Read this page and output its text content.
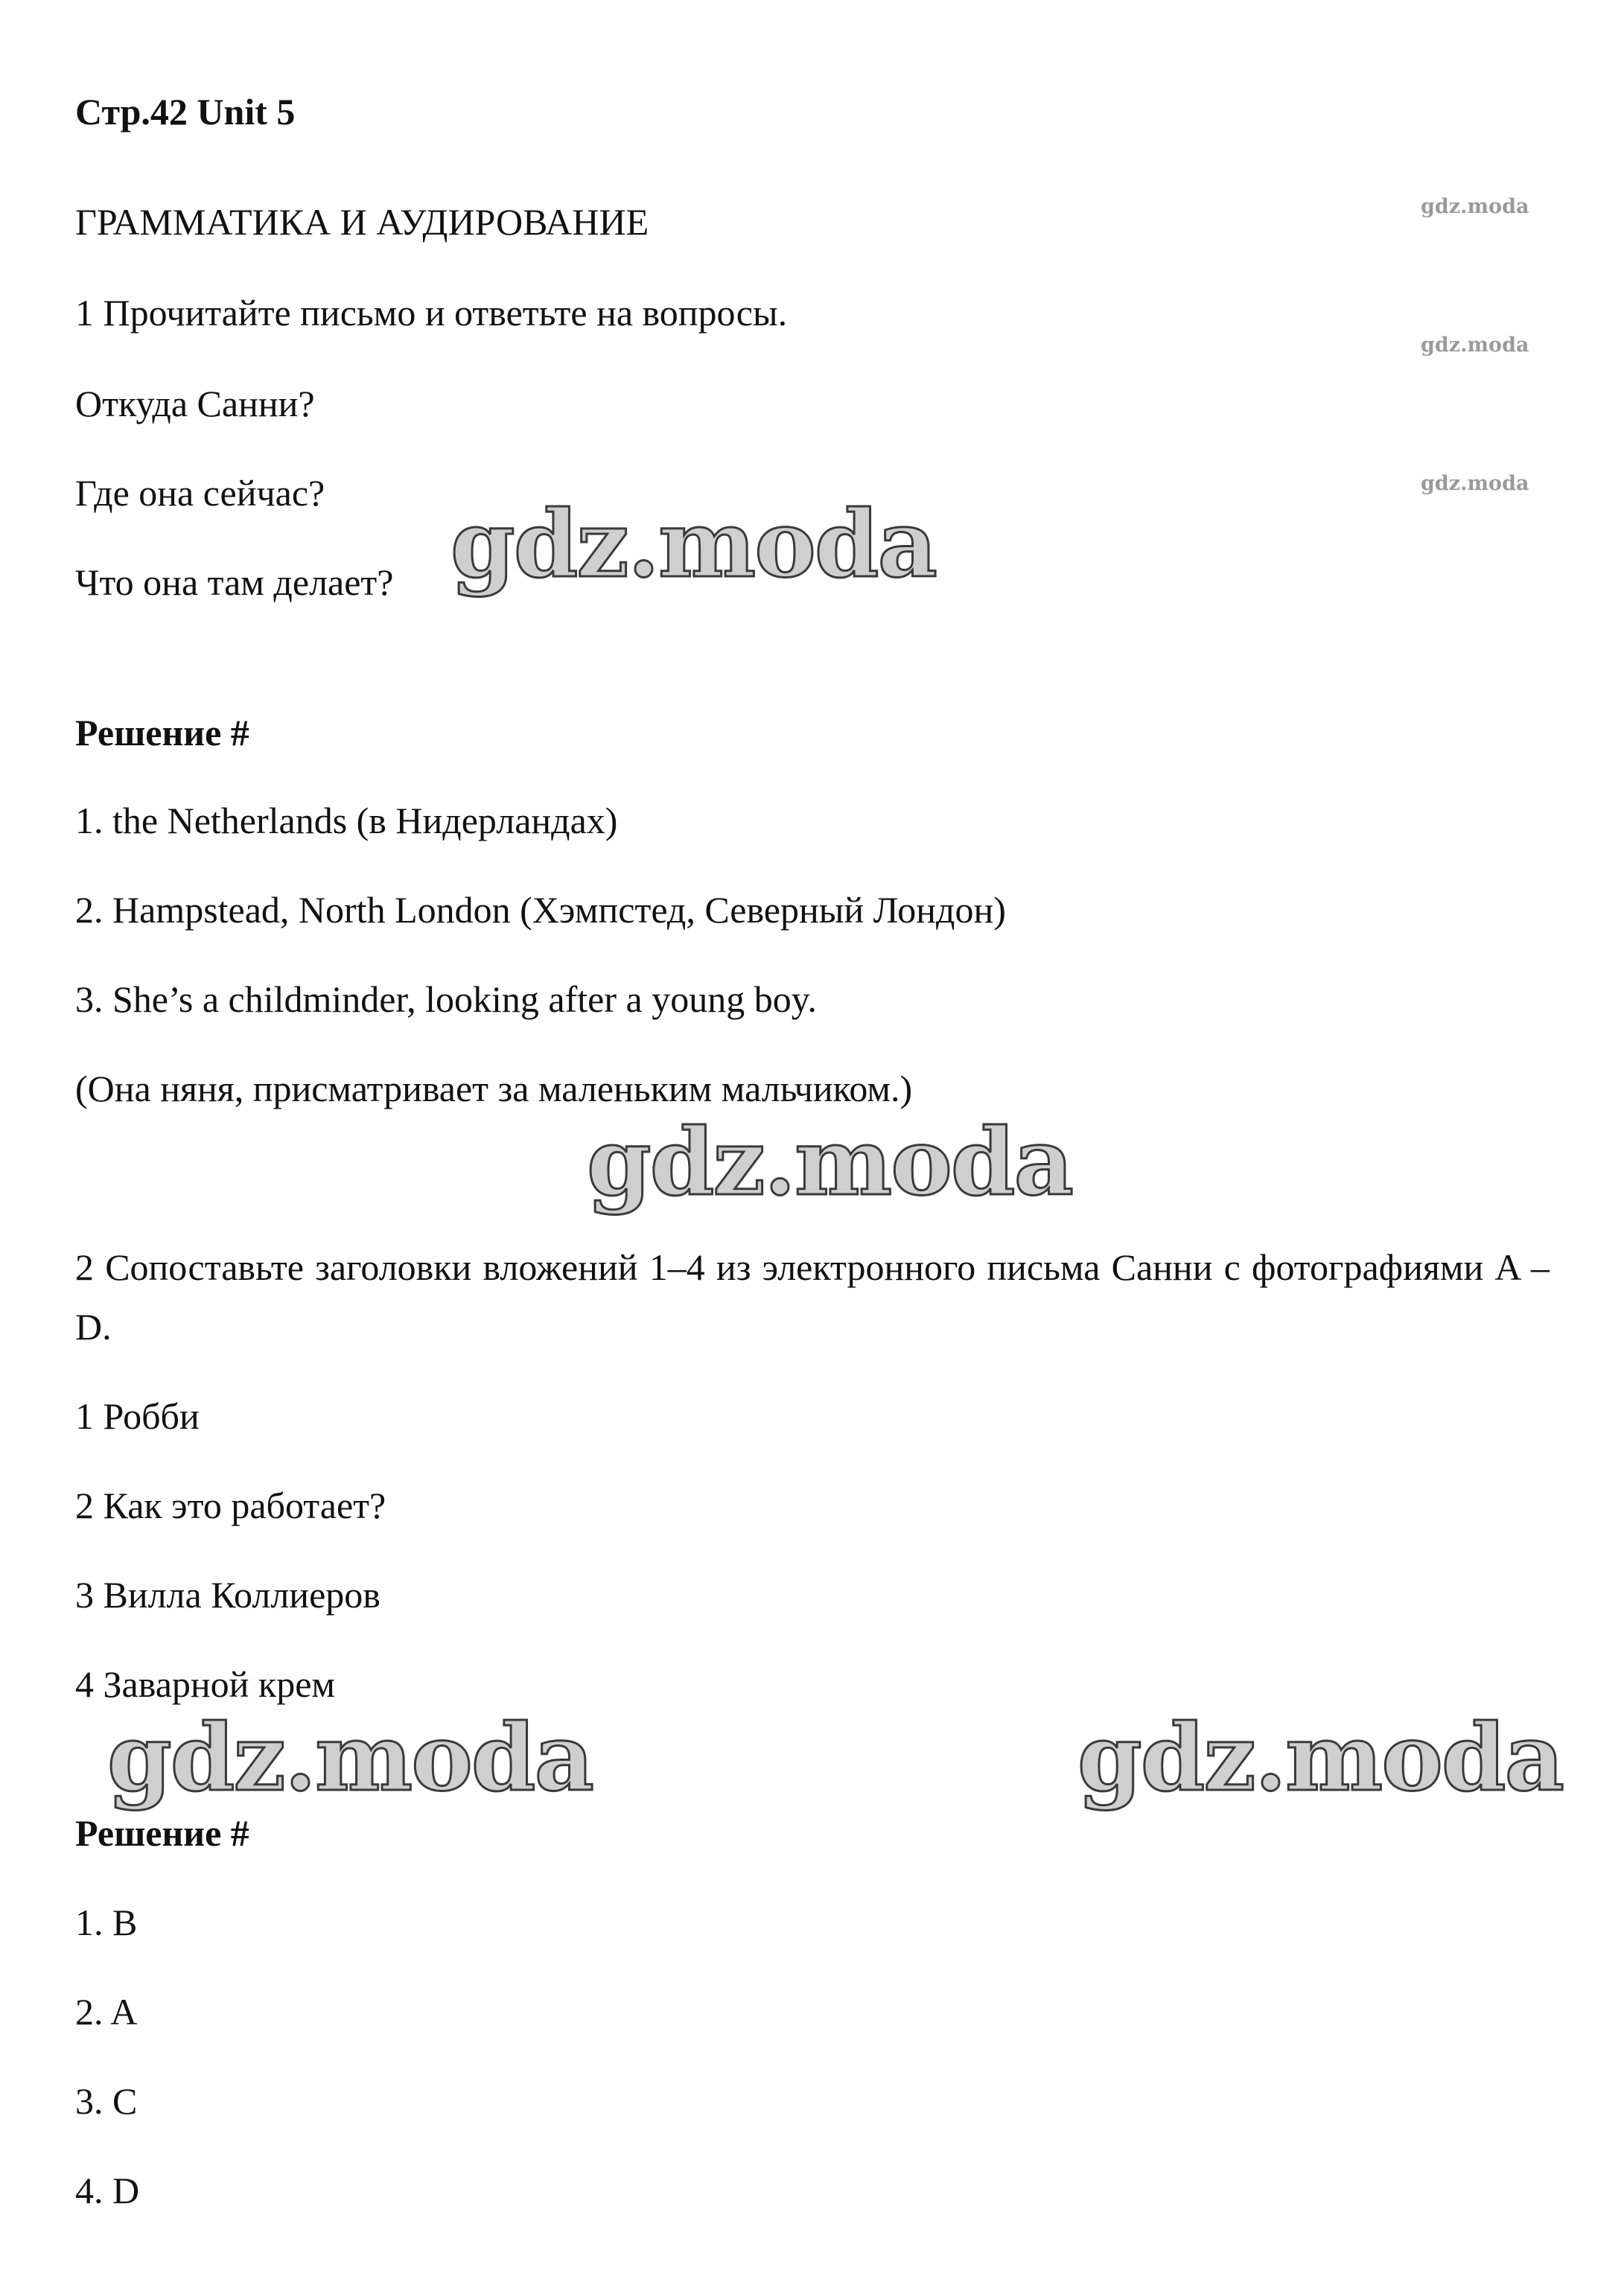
Стр.42 Unit 5
ГРАММАТИКА И АУДИРОВАНИЕ
1 Прочитайте письмо и ответьте на вопросы.
Откуда Санни?
Где она сейчас?
Что она там делает?
Решение #
1. the Netherlands (в Нидерландах)
2. Hampstead, North London (Хэмпстед, Северный Лондон)
3. She’s a childminder, looking after a young boy.
(Она няня, присматривает за маленьким мальчиком.)
2 Сопоставьте заголовки вложений 1–4 из электронного письма Санни с фотографиями A – D.
1 Робби
2 Как это работает?
3 Вилла Коллиеров
4 Заварной крем
Решение #
1. B
2. A
3. C
4. D
gdz.moda
gdz.moda
gdz.moda
gdz.moda
gdz.moda
gdz.moda	gdz.moda
